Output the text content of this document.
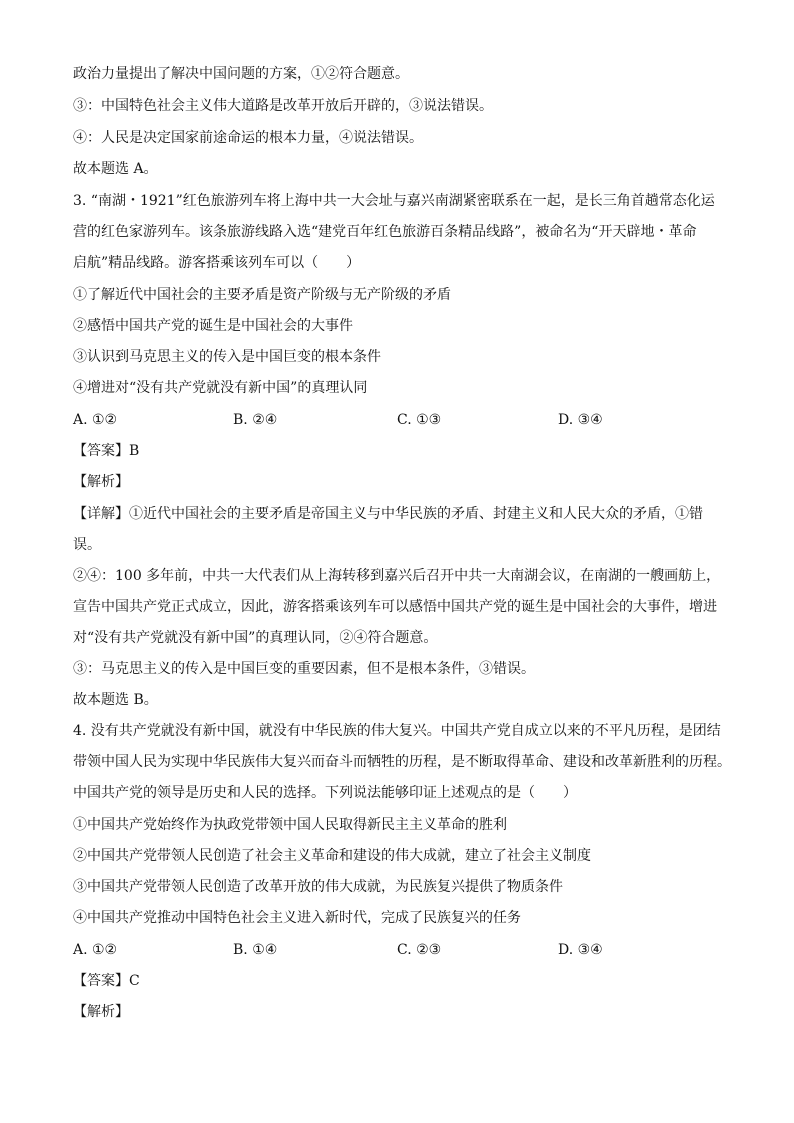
政治力量提出了解决中国问题的方案，①②符合题意。
③：中国特色社会主义伟大道路是改革开放后开辟的，③说法错误。
④：人民是决定国家前途命运的根本力量，④说法错误。
故本题选 A。
3. “南湖・1921”红色旅游列车将上海中共一大会址与嘉兴南湖紧密联系在一起，是长三角首趟常态化运
营的红色家游列车。该条旅游线路入选“建党百年红色旅游百条精品线路”，被命名为“开天辟地・革命
启航”精品线路。游客搭乘该列车可以（　　）
①了解近代中国社会的主要矛盾是资产阶级与无产阶级的矛盾
②感悟中国共产党的诞生是中国社会的大事件
③认识到马克思主义的传入是中国巨变的根本条件
④增进对“没有共产党就没有新中国”的真理认同
A. ①②	B. ②④	C. ①③	D. ③④
【答案】B
【解析】
【详解】①近代中国社会的主要矛盾是帝国主义与中华民族的矛盾、封建主义和人民大众的矛盾，①错
误。
②④：100 多年前，中共一大代表们从上海转移到嘉兴后召开中共一大南湖会议，在南湖的一艘画舫上，
宣告中国共产党正式成立，因此，游客搭乘该列车可以感悟中国共产党的诞生是中国社会的大事件，增进
对“没有共产党就没有新中国”的真理认同，②④符合题意。
③：马克思主义的传入是中国巨变的重要因素，但不是根本条件，③错误。
故本题选 B。
4. 没有共产党就没有新中国，就没有中华民族的伟大复兴。中国共产党自成立以来的不平凡历程，是团结
带领中国人民为实现中华民族伟大复兴而奋斗而牺牲的历程，是不断取得革命、建设和改革新胜利的历程。
中国共产党的领导是历史和人民的选择。下列说法能够印证上述观点的是（　　）
①中国共产党始终作为执政党带领中国人民取得新民主主义革命的胜利
②中国共产党带领人民创造了社会主义革命和建设的伟大成就，建立了社会主义制度
③中国共产党带领人民创造了改革开放的伟大成就，为民族复兴提供了物质条件
④中国共产党推动中国特色社会主义进入新时代，完成了民族复兴的任务
A. ①②	B. ①④	C. ②③	D. ③④
【答案】C
【解析】
